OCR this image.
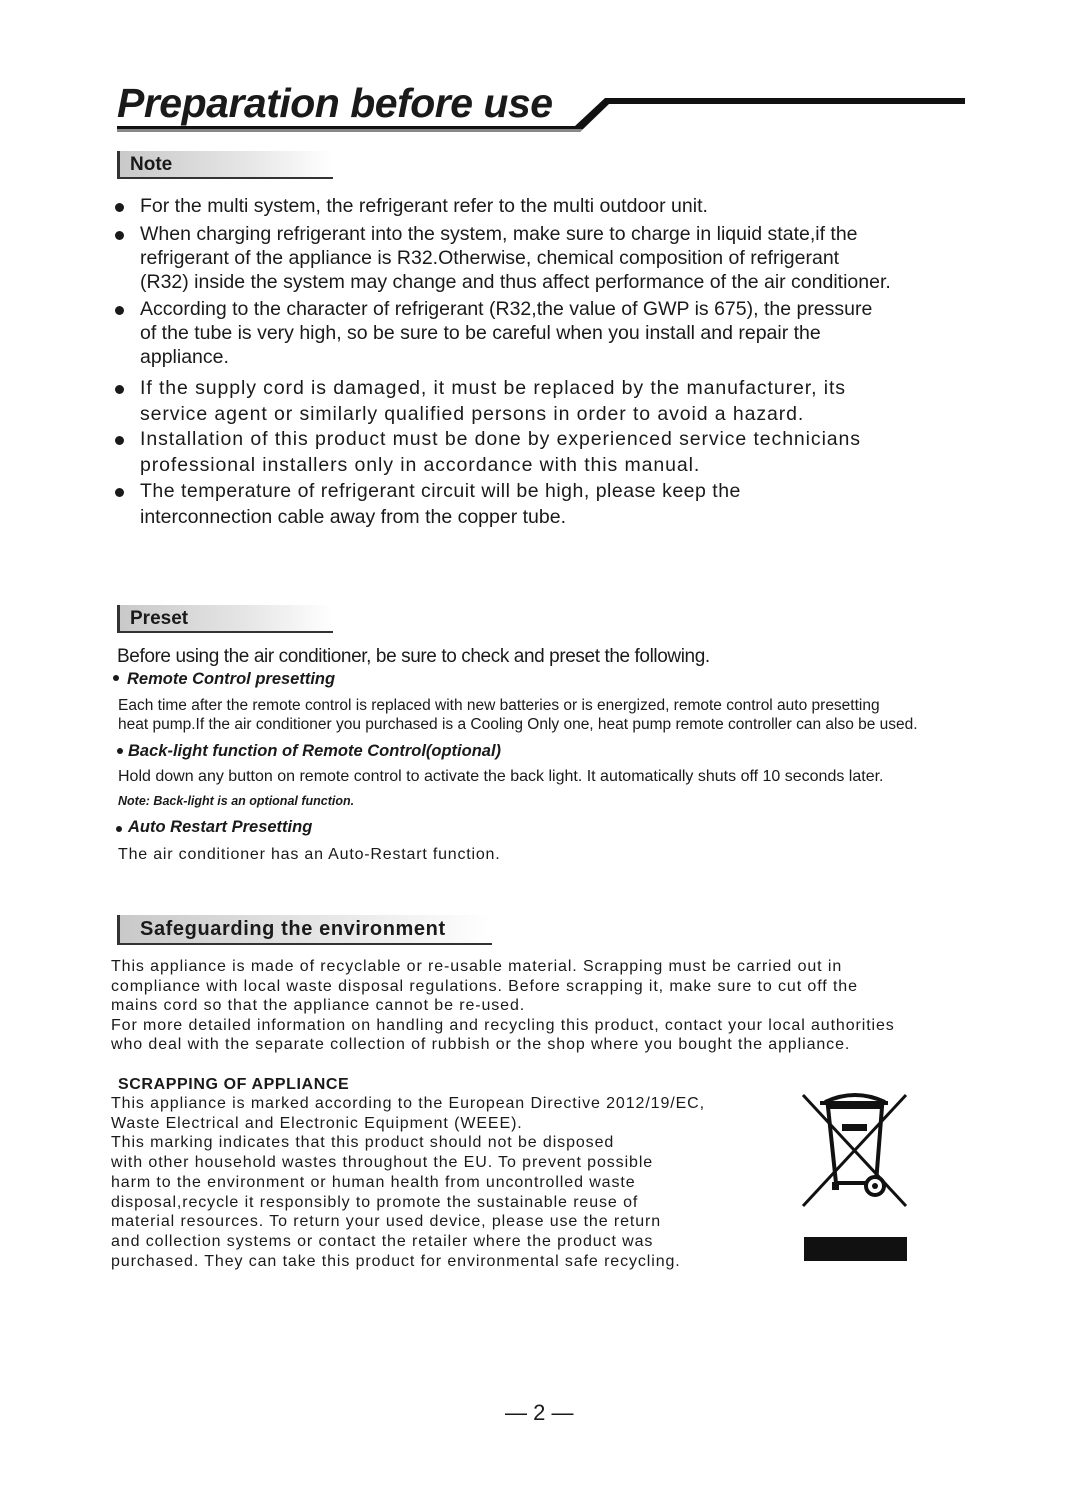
Preparation before use
Note
For the multi system, the refrigerant refer to the multi outdoor unit.
When charging refrigerant into the system, make sure to charge in liquid state,if the
refrigerant of the appliance is R32.Otherwise, chemical composition of refrigerant
(R32) inside the system may change and thus affect performance of the air conditioner.
According to the character of refrigerant (R32,the value of GWP is 675), the pressure
of the tube is very high, so be sure to be careful when you install and repair the
appliance.
If the supply cord is damaged, it must be replaced by the manufacturer, its
service agent or similarly qualified persons in order to avoid a hazard.
Installation of this product must be done by experienced service technicians
professional installers only in accordance with this manual.
The temperature of refrigerant circuit will be high, please keep the
interconnection cable away from the copper tube.
Preset
Before using the air conditioner, be sure to check and preset the following.
Remote Control presetting
Each time after the remote control is replaced with new batteries or is energized, remote control auto presetting
heat pump.If the air conditioner you purchased is a Cooling Only one, heat pump remote controller can also be used.
Back-light function of Remote Control(optional)
Hold down any button on remote control to activate the back light. It automatically shuts off 10 seconds later.
Note: Back-light is an optional function.
Auto Restart Presetting
The air conditioner has an Auto-Restart function.
Safeguarding the environment
This appliance is made of recyclable or re-usable material. Scrapping must be carried out in
compliance with local waste disposal regulations. Before scrapping it, make sure to cut off the
mains cord so that the appliance cannot be re-used.
For more detailed information on handling and recycling this product, contact your local authorities
who deal with the separate collection of rubbish or the shop where you bought the appliance.
SCRAPPING OF APPLIANCE
This appliance is marked according to the European Directive 2012/19/EC,
Waste Electrical and Electronic Equipment (WEEE).
This marking indicates that this product should not be disposed
with other household wastes throughout the EU. To prevent possible
harm to the environment or human health from uncontrolled waste
disposal,recycle it responsibly to promote the sustainable reuse of
material resources. To return your used device, please use the return
and collection systems or contact the retailer where the product was
purchased. They can take this product for environmental safe recycling.
— 2 —
